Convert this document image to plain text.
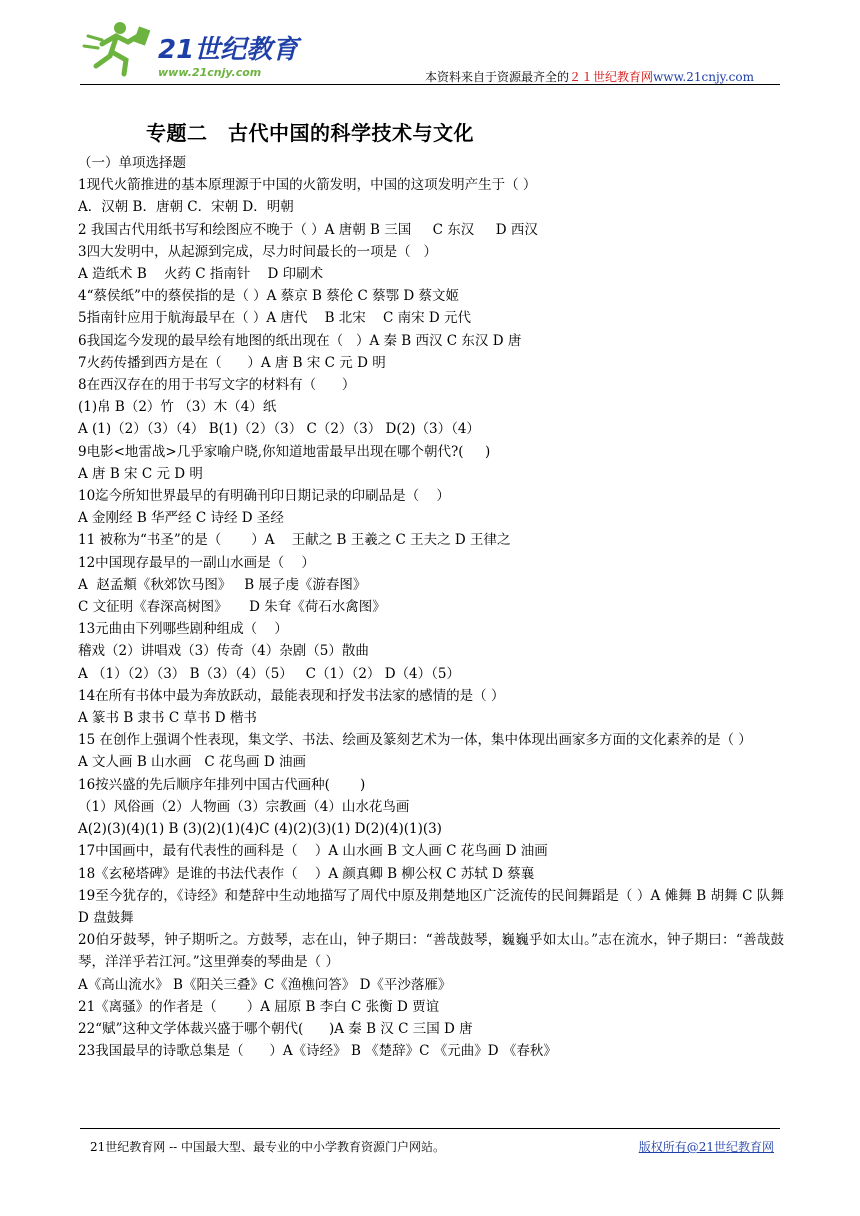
21世纪教育
www.21cnjy.com	本资料来自于资源最齐全的２１世纪教育网www.21cnjy.com
专题二　古代中国的科学技术与文化

（一）单项选择题

1现代火箭推进的基本原理源于中国的火箭发明，中国的这项发明产生于（ ）

A．汉朝 B．唐朝 C．宋朝 D．明朝

2 我国古代用纸书写和绘图应不晚于（ ）A 唐朝 B 三国     C 东汉     D 西汉

3四大发明中，从起源到完成，尽力时间最长的一项是（   ）

A 造纸术 B    火药 C 指南针    D 印刷术

4“蔡侯纸”中的蔡侯指的是（ ）A 蔡京 B 蔡伦 C 蔡鄂 D 蔡文姬

5指南针应用于航海最早在（ ）A 唐代    B 北宋    C 南宋 D 元代

6我国迄今发现的最早绘有地图的纸出现在（   ）A 秦 B 西汉 C 东汉 D 唐

7火药传播到西方是在（      ）A 唐 B 宋 C 元 D 明

8在西汉存在的用于书写文字的材料有（      ）

(1)帛 B（2）竹 （3）木（4）纸

A (1)（2）（3）（4） B(1)（2）（3） C（2）（3） D(2)（3）（4）

9电影<地雷战>几乎家喻户晓,你知道地雷最早出现在哪个朝代?(     )

A 唐 B 宋 C 元 D 明

10迄今所知世界最早的有明确刊印日期记录的印刷品是（    ）

A 金刚经 B 华严经 C 诗经 D 圣经

11 被称为“书圣”的是（       ）A    王献之 B 王羲之 C 王夫之 D 王律之

12中国现存最早的一副山水画是（    ）

A  赵孟頫《秋郊饮马图》   B 展子虔《游春图》

C 文征明《春深高树图》     D 朱耷《荷石水禽图》

13元曲由下列哪些剧种组成（    ）

稽戏（2）讲唱戏（3）传奇（4）杂剧（5）散曲

A （1）（2）（3） B（3）（4）（5）   C（1）（2） D（4）（5）

14在所有书体中最为奔放跃动，最能表现和抒发书法家的感情的是（ ）

A 篆书 B 隶书 C 草书 D 楷书

15 在创作上强调个性表现，集文学、书法、绘画及篆刻艺术为一体，集中体现出画家多方面的文化素养的是（ ）

A 文人画 B 山水画   C 花鸟画 D 油画

16按兴盛的先后顺序年排列中国古代画种(       )

（1）风俗画（2）人物画（3）宗教画（4）山水花鸟画

A(2)(3)(4)(1) B (3)(2)(1)(4)C (4)(2)(3)(1) D(2)(4)(1)(3)

17中国画中，最有代表性的画科是（    ）A 山水画 B 文人画 C 花鸟画 D 油画

18《玄秘塔碑》是谁的书法代表作（    ）A 颜真卿 B 柳公权 C 苏轼 D 蔡襄

19至今犹存的，《诗经》和楚辞中生动地描写了周代中原及荆楚地区广泛流传的民间舞蹈是（ ）A 傩舞 B 胡舞 C 队舞 D 盘鼓舞

20伯牙鼓琴，钟子期听之。方鼓琴，志在山，钟子期曰：“善哉鼓琴，巍巍乎如太山。”志在流水，钟子期曰：“善哉鼓琴，洋洋乎若江河。”这里弹奏的琴曲是（ ）

A《高山流水》 B《阳关三叠》C《渔樵问答》 D《平沙落雁》

21《离骚》的作者是（       ）A 屈原 B 李白 C 张衡 D 贾谊

22“赋”这种文学体裁兴盛于哪个朝代(      )A 秦 B 汉 C 三国 D 唐

23我国最早的诗歌总集是（      ）A《诗经》 B 《楚辞》C 《元曲》D 《春秋》

21世纪教育网 -- 中国最大型、最专业的中小学教育资源门户网站。	版权所有@21世纪教育网
